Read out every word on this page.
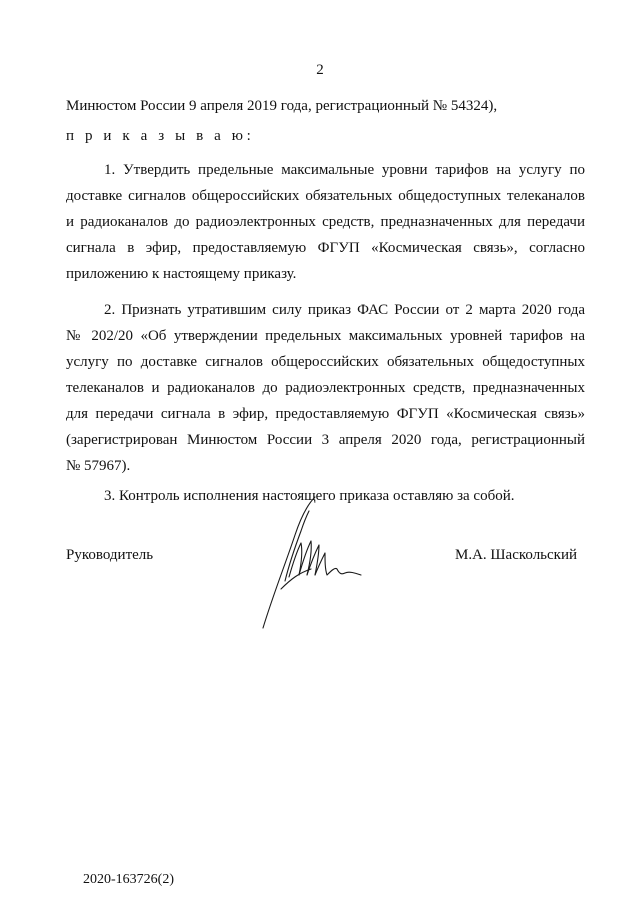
2
Минюстом России 9 апреля 2019 года, регистрационный № 54324),
п р и к а з ы в а ю:
1. Утвердить предельные максимальные уровни тарифов на услугу по
доставке сигналов общероссийских обязательных общедоступных телеканалов
и радиоканалов до радиоэлектронных средств, предназначенных для передачи
сигнала в эфир, предоставляемую ФГУП «Космическая связь», согласно
приложению к настоящему приказу.
2. Признать утратившим силу приказ ФАС России от 2 марта 2020 года
№ 202/20 «Об утверждении предельных максимальных уровней тарифов на
услугу по доставке сигналов общероссийских обязательных общедоступных
телеканалов и радиоканалов до радиоэлектронных средств, предназначенных
для передачи сигнала в эфир, предоставляемую ФГУП «Космическая связь»
(зарегистрирован Минюстом России 3 апреля 2020 года, регистрационный
№ 57967).
3. Контроль исполнения настоящего приказа оставляю за собой.
Руководитель	М.А. Шаскольский
2020-163726(2)
